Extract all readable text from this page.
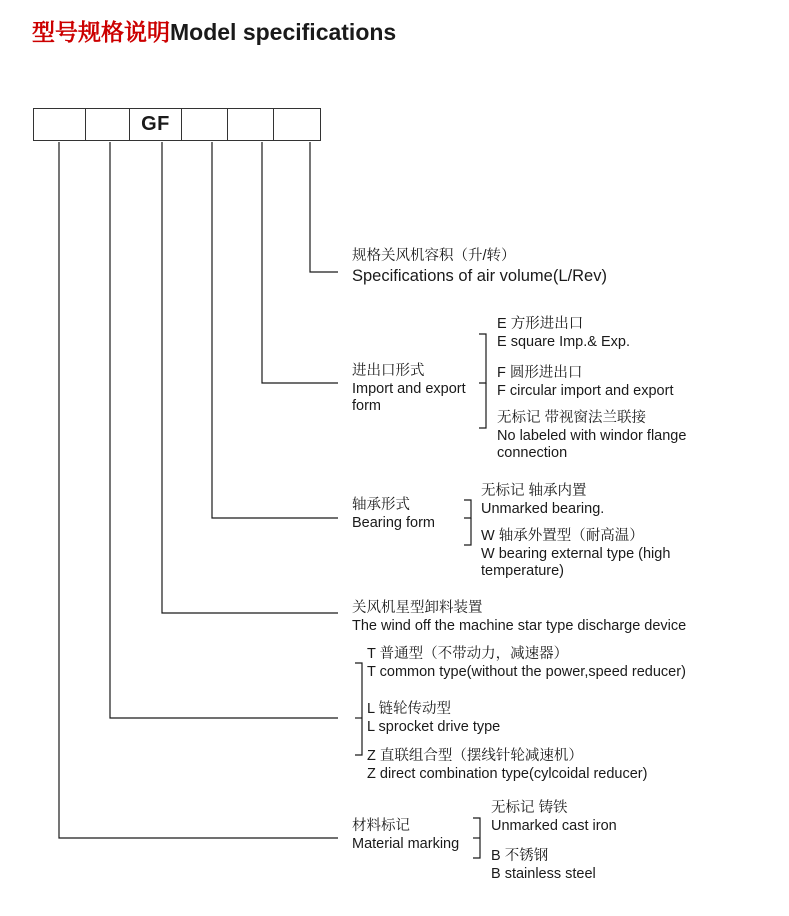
型号规格说明Model specifications
GF
规格关风机容积（升/转）
Specifications of air volume(L/Rev)
进出口形式
Import and export form
E 方形进出口
E square Imp.& Exp.
F 圆形进出口
F circular import and export
无标记 带视窗法兰联接
No labeled with windor flange connection
轴承形式
Bearing form
无标记 轴承内置
Unmarked bearing.
W 轴承外置型（耐高温）
W bearing external type (high temperature)
关风机星型卸料装置
The wind off the machine star type discharge device
T 普通型（不带动力，减速器）
T common type(without the power,speed reducer)
L 链轮传动型
L sprocket drive type
Z 直联组合型（摆线针轮减速机）
Z direct combination type(cylcoidal reducer)
材料标记
Material marking
无标记 铸铁
Unmarked cast iron
B 不锈钢
B stainless steel
